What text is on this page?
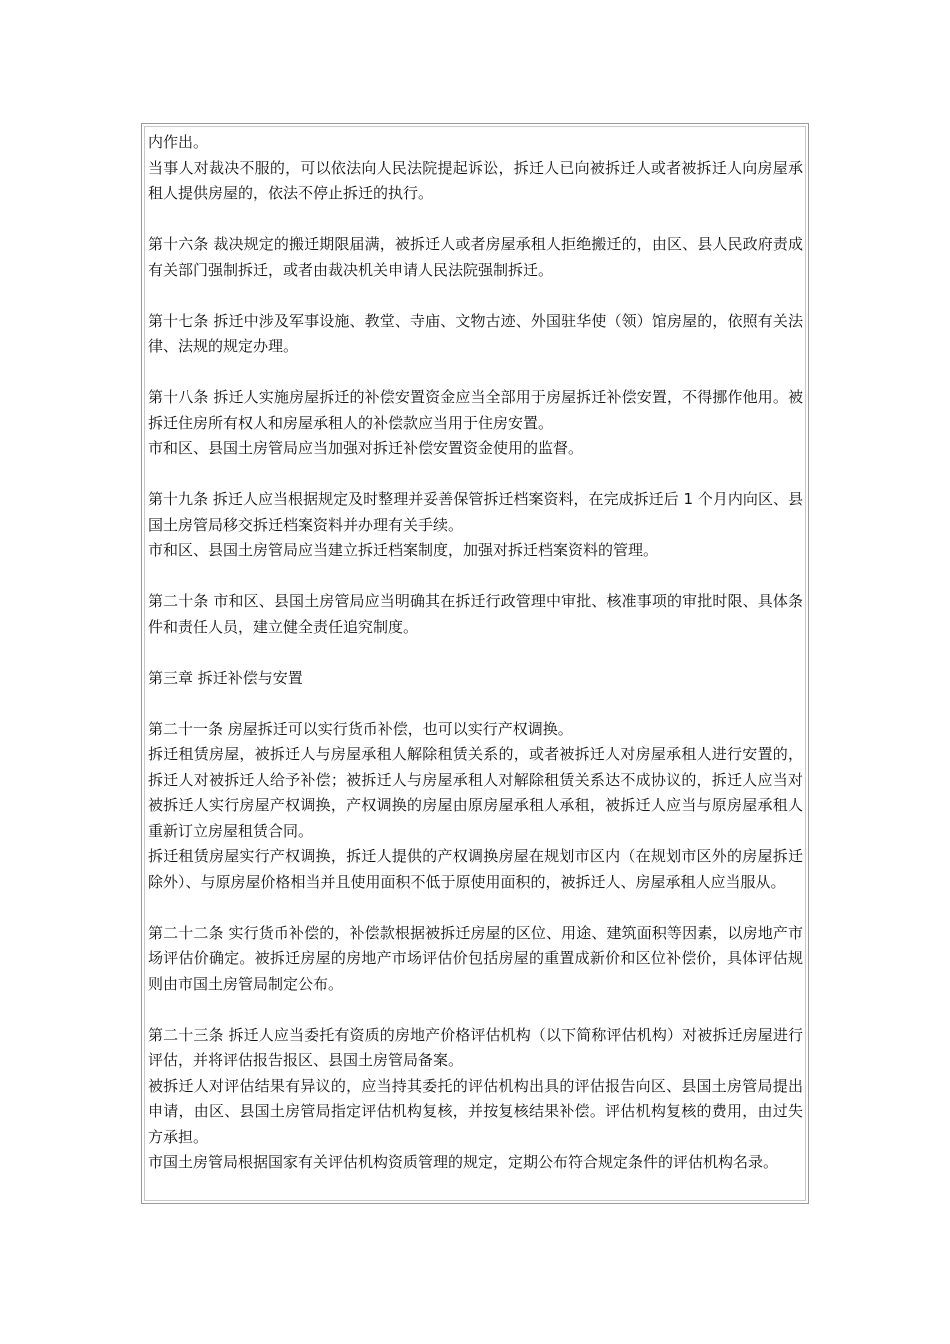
内作出。

当事人对裁决不服的，可以依法向人民法院提起诉讼，拆迁人已向被拆迁人或者被拆迁人向房屋承租人提供房屋的，依法不停止拆迁的执行。

第十六条 裁决规定的搬迁期限届满，被拆迁人或者房屋承租人拒绝搬迁的，由区、县人民政府责成有关部门强制拆迁，或者由裁决机关申请人民法院强制拆迁。

第十七条 拆迁中涉及军事设施、教堂、寺庙、文物古迹、外国驻华使（领）馆房屋的，依照有关法律、法规的规定办理。

第十八条 拆迁人实施房屋拆迁的补偿安置资金应当全部用于房屋拆迁补偿安置，不得挪作他用。被拆迁住房所有权人和房屋承租人的补偿款应当用于住房安置。

市和区、县国土房管局应当加强对拆迁补偿安置资金使用的监督。

第十九条 拆迁人应当根据规定及时整理并妥善保管拆迁档案资料，在完成拆迁后 1 个月内向区、县国土房管局移交拆迁档案资料并办理有关手续。

市和区、县国土房管局应当建立拆迁档案制度，加强对拆迁档案资料的管理。

第二十条 市和区、县国土房管局应当明确其在拆迁行政管理中审批、核准事项的审批时限、具体条件和责任人员，建立健全责任追究制度。

第三章 拆迁补偿与安置

第二十一条 房屋拆迁可以实行货币补偿，也可以实行产权调换。

拆迁租赁房屋，被拆迁人与房屋承租人解除租赁关系的，或者被拆迁人对房屋承租人进行安置的，拆迁人对被拆迁人给予补偿；被拆迁人与房屋承租人对解除租赁关系达不成协议的，拆迁人应当对被拆迁人实行房屋产权调换，产权调换的房屋由原房屋承租人承租，被拆迁人应当与原房屋承租人重新订立房屋租赁合同。

拆迁租赁房屋实行产权调换，拆迁人提供的产权调换房屋在规划市区内（在规划市区外的房屋拆迁除外）、与原房屋价格相当并且使用面积不低于原使用面积的，被拆迁人、房屋承租人应当服从。

第二十二条 实行货币补偿的，补偿款根据被拆迁房屋的区位、用途、建筑面积等因素，以房地产市场评估价确定。被拆迁房屋的房地产市场评估价包括房屋的重置成新价和区位补偿价，具体评估规则由市国土房管局制定公布。

第二十三条 拆迁人应当委托有资质的房地产价格评估机构（以下简称评估机构）对被拆迁房屋进行评估，并将评估报告报区、县国土房管局备案。

被拆迁人对评估结果有异议的，应当持其委托的评估机构出具的评估报告向区、县国土房管局提出申请，由区、县国土房管局指定评估机构复核，并按复核结果补偿。评估机构复核的费用，由过失方承担。

市国土房管局根据国家有关评估机构资质管理的规定，定期公布符合规定条件的评估机构名录。
